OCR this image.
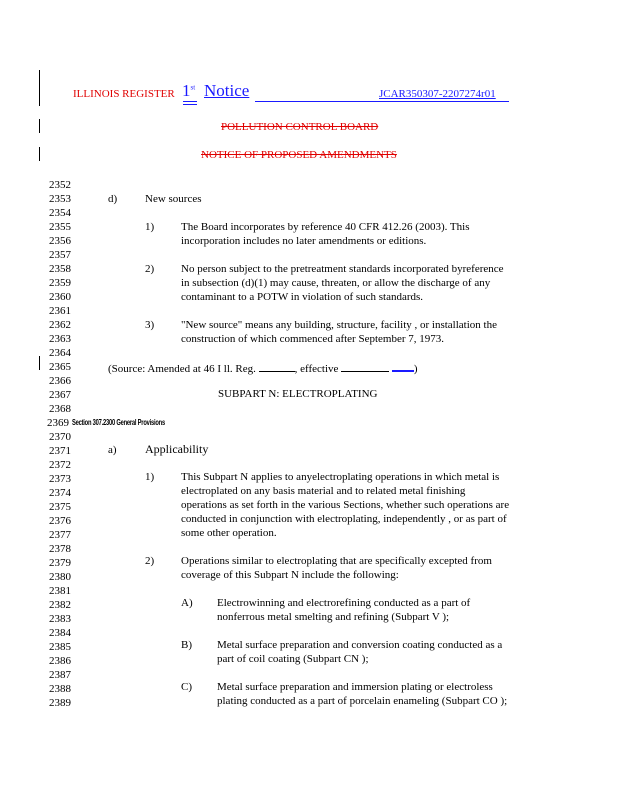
ILLINOIS REGISTER 1st Notice	JCAR350307-2207274r01
POLLUTION CONTROL BOARD
NOTICE OF PROPOSED AMENDMENTS
2352
2353
2354
2355
2356
2357
2358
2359
2360
2361
2362
2363
2364
2365
2366
2367
2368
2369
2370
2371
2372
2373
2374
2375
2376
2377
2378
2379
2380
2381
2382
2383
2384
2385
2386
2387
2388
2389
d)	New sources
1) The Board incorporates by reference 40 CFR 412.26 (2003). This
incorporation includes no later amendments or editions.
2) No person subject to the pretreatment standards incorporated byreference
in subsection (d)(1) may cause, threaten, or allow the discharge of any
contaminant to a POTW in violation of such standards.
3) "New source" means any building, structure, facility , or installation the
construction of which commenced after September 7, 1973.
(Source: Amended at 46 I ll. Reg.	, effective	)
SUBPART N: ELECTROPLATING
Section 307.2300 General Provisions
a) Applicability
1) This Subpart N applies to anyelectroplating operations in which metal is
electroplated on any basis material and to related metal finishing
operations as set forth in the various Sections, whether such operations are
conducted in conjunction with electroplating, independently , or as part of
some other operation.
2) Operations similar to electroplating that are specifically excepted from
coverage of this Subpart N include the following:
A) Electrowinning and electrorefining conducted as a part of
nonferrous metal smelting and refining (Subpart V );
B) Metal surface preparation and conversion coating conducted as a
part of coil coating (Subpart CN );
C) Metal surface preparation and immersion plating or electroless
plating conducted as a part of porcelain enameling (Subpart CO );
